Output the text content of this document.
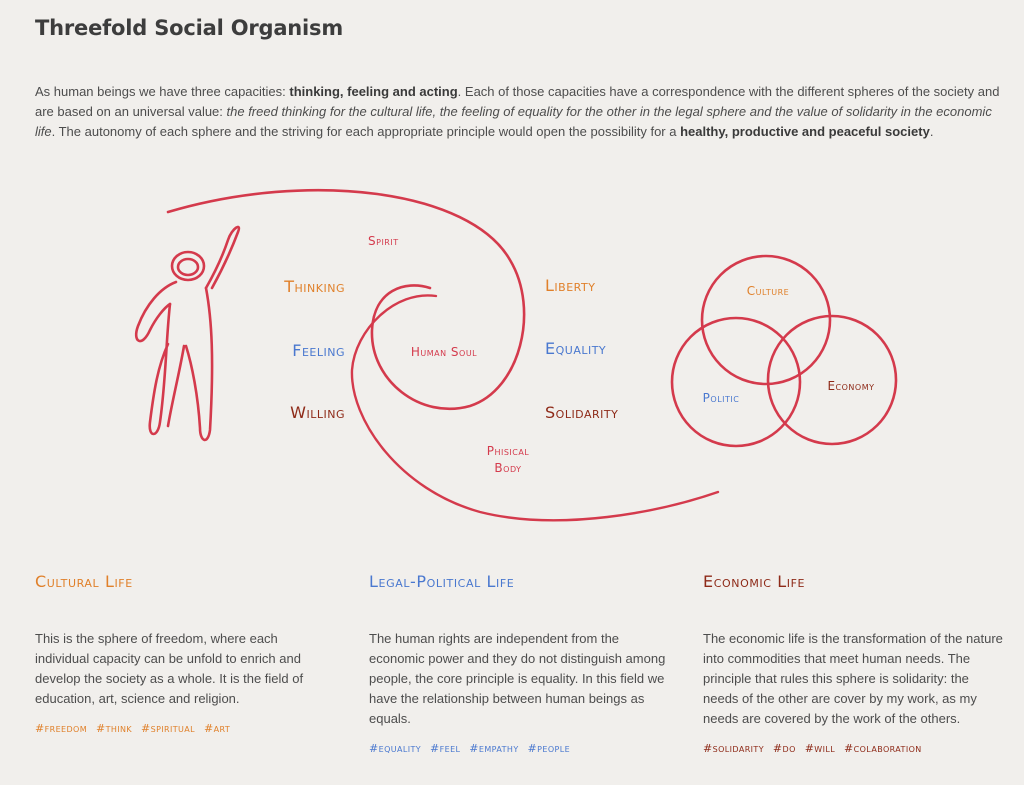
Threefold Social Organism
As human beings we have three capacities: thinking, feeling and acting. Each of those capacities have a correspondence with the different spheres of the society and are based on an universal value: the freed thinking for the cultural life, the feeling of equality for the other in the legal sphere and the value of solidarity in the economic life. The autonomy of each sphere and the striving for each appropriate principle would open the possibility for a healthy, productive and peaceful society.
Thinking
Feeling
Willing
Spirit
Human Soul
Phisical
Body
Liberty
Equality
Solidarity
Culture
Politic
Economy
Cultural Life

This is the sphere of freedom, where each individual capacity can be unfold to enrich and develop the society as a whole. It is the field of education, art, science and religion.

#freedom #think #spiritual #art
Legal-Political Life

The human rights are independent from the economic power and they do not distinguish among people, the core principle is equality. In this field we have the relationship between human beings as equals.

#equality #feel #empathy #people
Economic Life

The economic life is the transformation of the nature into commodities that meet human needs. The principle that rules this sphere is solidarity: the needs of the other are cover by my work, as my needs are covered by the work of the others.

#solidarity #do #will #colaboration
